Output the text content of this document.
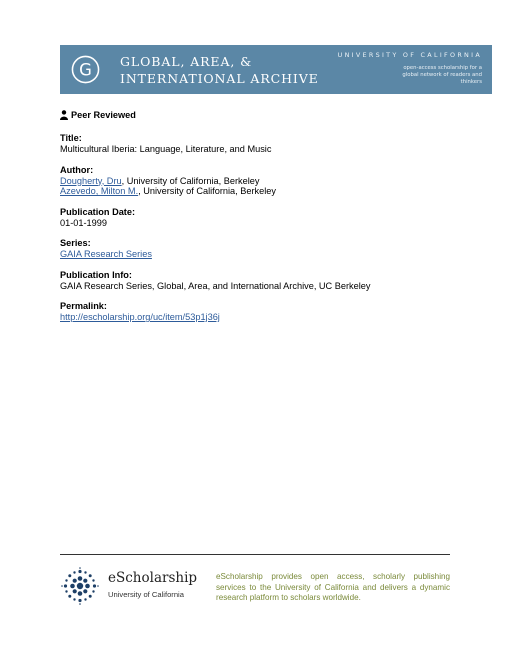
G GLOBAL, AREA, &
INTERNATIONAL ARCHIVE
UNIVERSITY OF CALIFORNIA
open-access scholarship for a global network of readers and thinkers
Peer Reviewed
Title:
Multicultural Iberia: Language, Literature, and Music
Author:
Dougherty, Dru, University of California, Berkeley
Azevedo, Milton M., University of California, Berkeley
Publication Date:
01-01-1999
Series:
GAIA Research Series
Publication Info:
GAIA Research Series, Global, Area, and International Archive, UC Berkeley
Permalink:
http://escholarship.org/uc/item/53p1j36j
eScholarship
University of California
eScholarship provides open access, scholarly publishing services to the University of California and delivers a dynamic research platform to scholars worldwide.
